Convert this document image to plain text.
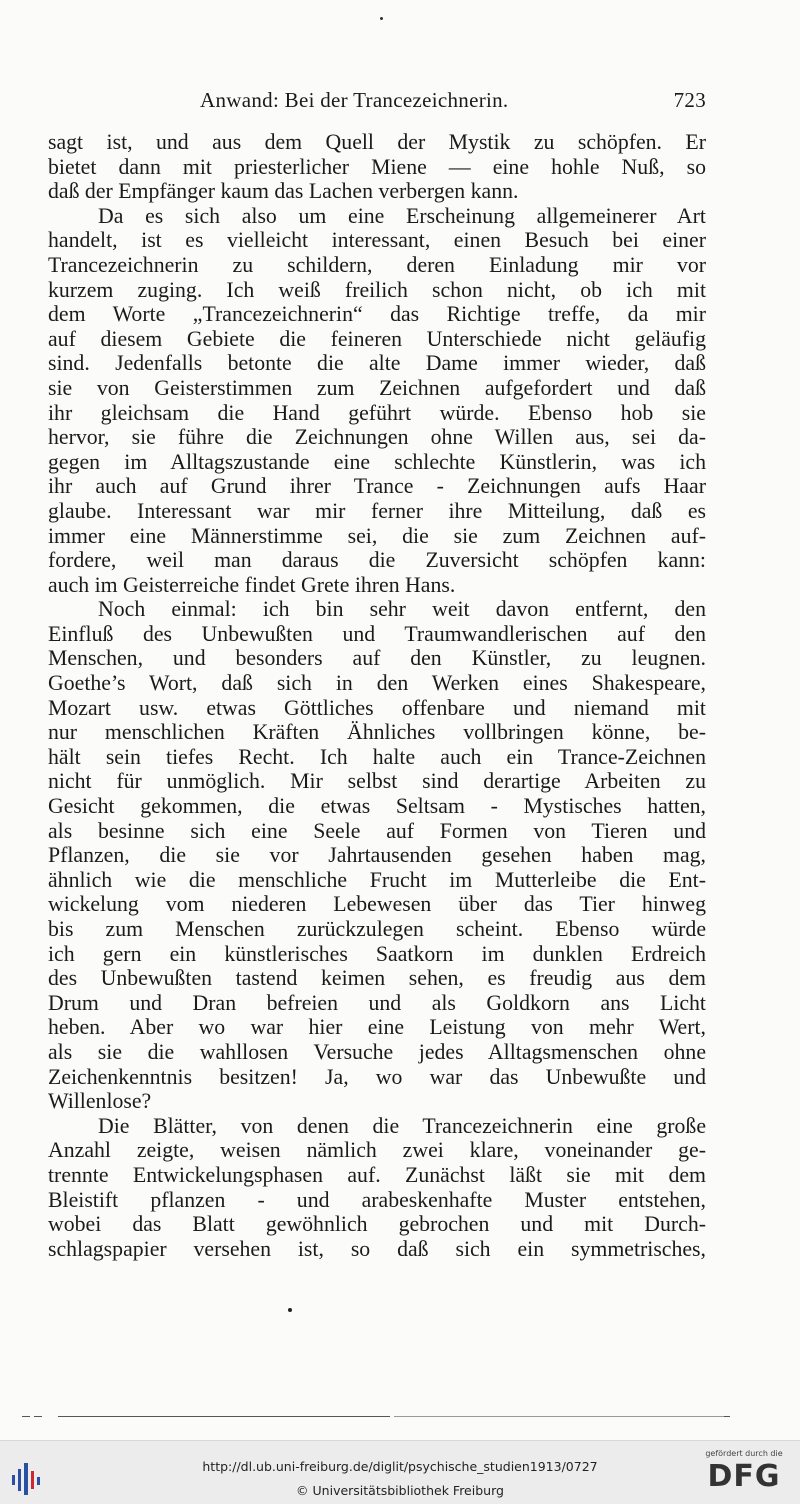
Anwand: Bei der Trancezeichnerin.	723
sagt ist, und aus dem Quell der Mystik zu schöpfen. Er
bietet dann mit priesterlicher Miene — eine hohle Nuß, so
daß der Empfänger kaum das Lachen verbergen kann.
Da es sich also um eine Erscheinung allgemeinerer Art
handelt, ist es vielleicht interessant, einen Besuch bei einer
Trancezeichnerin zu schildern, deren Einladung mir vor
kurzem zuging. Ich weiß freilich schon nicht, ob ich mit
dem Worte „Trancezeichnerin“ das Richtige treffe, da mir
auf diesem Gebiete die feineren Unterschiede nicht geläufig
sind. Jedenfalls betonte die alte Dame immer wieder, daß
sie von Geisterstimmen zum Zeichnen aufgefordert und daß
ihr gleichsam die Hand geführt würde. Ebenso hob sie
hervor, sie führe die Zeichnungen ohne Willen aus, sei da-
gegen im Alltagszustande eine schlechte Künstlerin, was ich
ihr auch auf Grund ihrer Trance - Zeichnungen aufs Haar
glaube. Interessant war mir ferner ihre Mitteilung, daß es
immer eine Männerstimme sei, die sie zum Zeichnen auf-
fordere, weil man daraus die Zuversicht schöpfen kann:
auch im Geisterreiche findet Grete ihren Hans.
Noch einmal: ich bin sehr weit davon entfernt, den
Einfluß des Unbewußten und Traumwandlerischen auf den
Menschen, und besonders auf den Künstler, zu leugnen.
Goethe’s Wort, daß sich in den Werken eines Shakespeare,
Mozart usw. etwas Göttliches offenbare und niemand mit
nur menschlichen Kräften Ähnliches vollbringen könne, be-
hält sein tiefes Recht. Ich halte auch ein Trance-Zeichnen
nicht für unmöglich. Mir selbst sind derartige Arbeiten zu
Gesicht gekommen, die etwas Seltsam - Mystisches hatten,
als besinne sich eine Seele auf Formen von Tieren und
Pflanzen, die sie vor Jahrtausenden gesehen haben mag,
ähnlich wie die menschliche Frucht im Mutterleibe die Ent-
wickelung vom niederen Lebewesen über das Tier hinweg
bis zum Menschen zurückzulegen scheint. Ebenso würde
ich gern ein künstlerisches Saatkorn im dunklen Erdreich
des Unbewußten tastend keimen sehen, es freudig aus dem
Drum und Dran befreien und als Goldkorn ans Licht
heben. Aber wo war hier eine Leistung von mehr Wert,
als sie die wahllosen Versuche jedes Alltagsmenschen ohne
Zeichenkenntnis besitzen! Ja, wo war das Unbewußte und
Willenlose?
Die Blätter, von denen die Trancezeichnerin eine große
Anzahl zeigte, weisen nämlich zwei klare, voneinander ge-
trennte Entwickelungsphasen auf. Zunächst läßt sie mit dem
Bleistift pflanzen - und arabeskenhafte Muster entstehen,
wobei das Blatt gewöhnlich gebrochen und mit Durch-
schlagspapier versehen ist, so daß sich ein symmetrisches,
http://dl.ub.uni-freiburg.de/diglit/psychische_studien1913/0727
© Universitätsbibliothek Freiburg
gefördert durch die
DFG
